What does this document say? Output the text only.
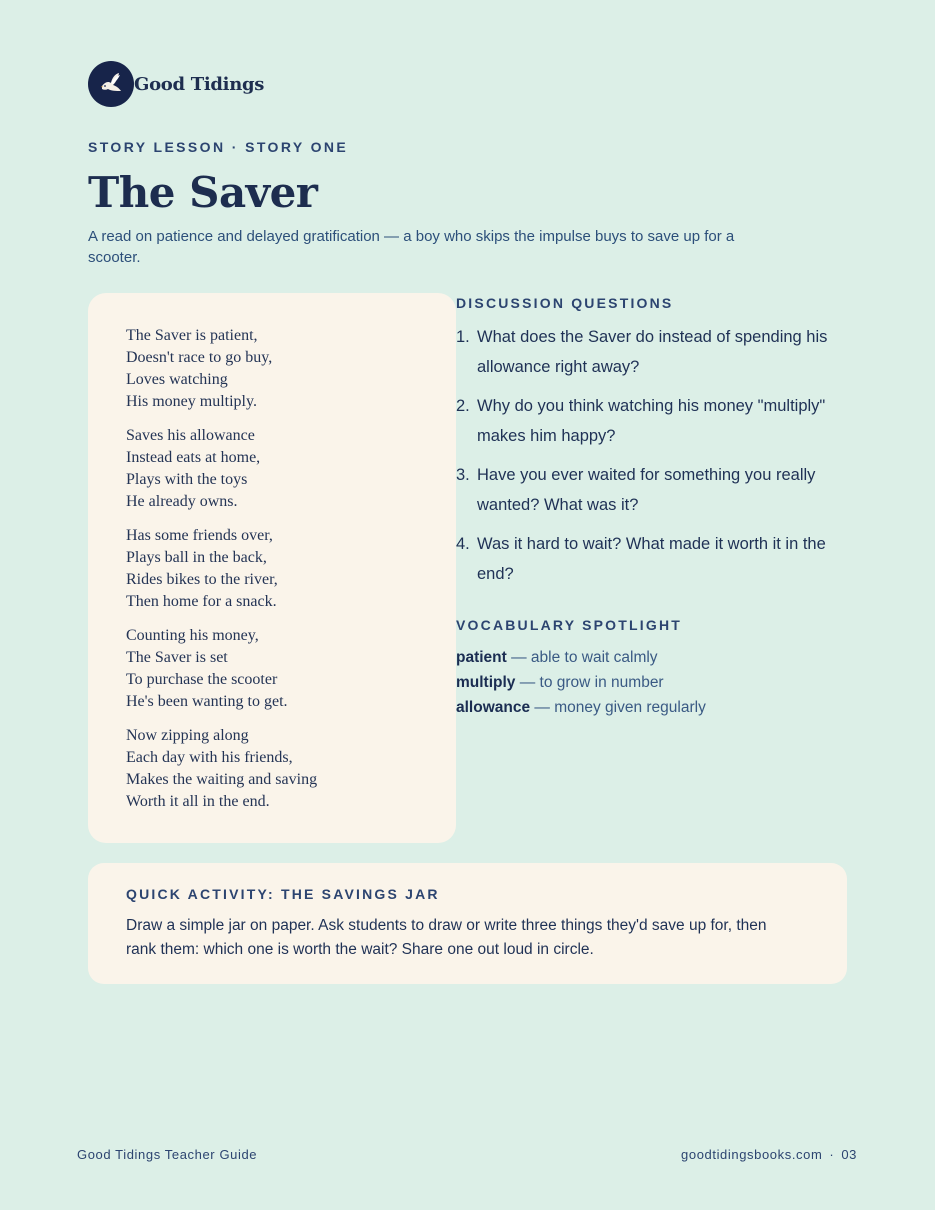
Good Tidings
STORY LESSON · STORY ONE
The Saver

A read on patience and delayed gratification — a boy who skips the impulse buys to save up for a scooter.

The Saver is patient,
Doesn't race to go buy,
Loves watching
His money multiply.
Saves his allowance
Instead eats at home,
Plays with the toys
He already owns.
Has some friends over,
Plays ball in the back,
Rides bikes to the river,
Then home for a snack.
Counting his money,
The Saver is set
To purchase the scooter
He's been wanting to get.
Now zipping along
Each day with his friends,
Makes the waiting and saving
Worth it all in the end.
DISCUSSION QUESTIONS
1. What does the Saver do instead of spending his allowance right away?
2. Why do you think watching his money "multiply" makes him happy?
3. Have you ever waited for something you really wanted? What was it?
4. Was it hard to wait? What made it worth it in the end?
VOCABULARY SPOTLIGHT
patient — able to wait calmly
multiply — to grow in number
allowance — money given regularly
QUICK ACTIVITY: THE SAVINGS JAR

Draw a simple jar on paper. Ask students to draw or write three things they'd save up for, then rank them: which one is worth the wait? Share one out loud in circle.

Good Tidings Teacher Guide	goodtidingsbooks.com · 03
